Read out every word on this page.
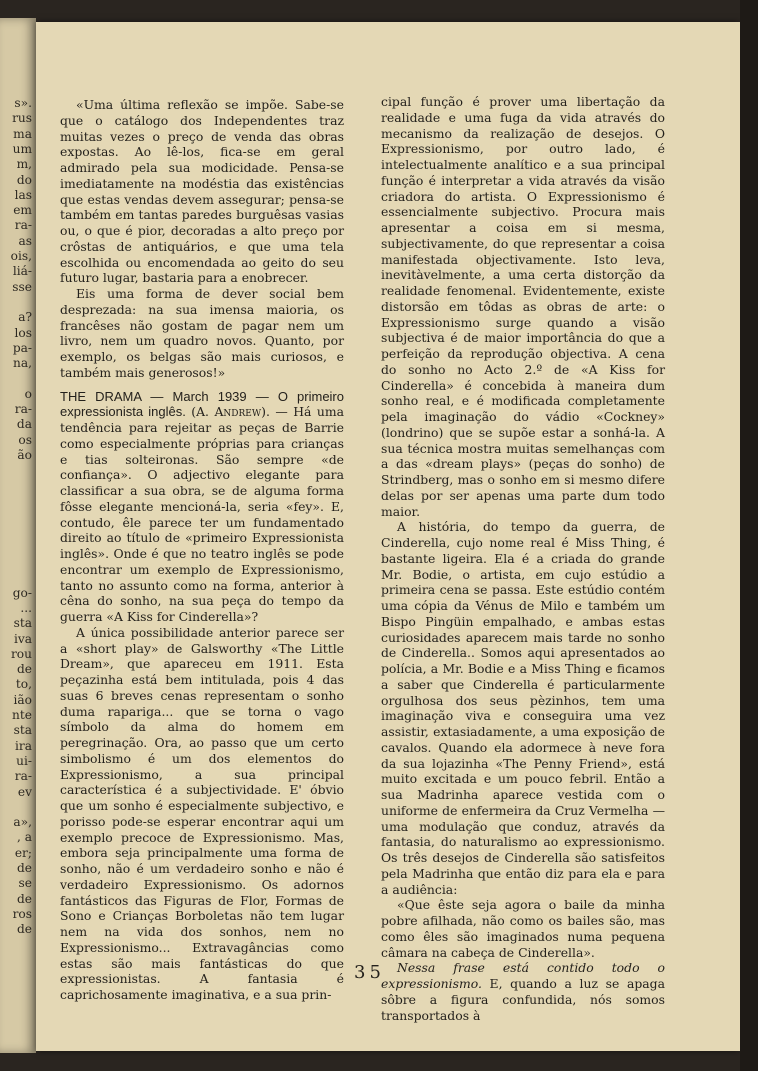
s».
rus
ma
um
m,
do
las
em
ra-
as
ois,
liá-
sse
a?
los
pa-
na,
o
ra-
da
os
ão
go-
...
sta
iva
rou
de
to,
ião
nte
sta
ira
ui-
ra-
ev
a»,
, a
er;
de
se
de
ros
de

«Uma última reflexão se impõe. Sabe-se que o catálogo dos Independentes traz muitas vezes o preço de venda das obras expostas. Ao lê-los, fica-se em geral admirado pela sua modicidade. Pensa-se imediatamente na modéstia das existências que estas vendas devem assegurar; pensa-se também em tantas paredes burguêsas vasias ou, o que é pior, decoradas a alto preço por crôstas de antiquários, e que uma tela escolhida ou encomendada ao geito do seu futuro lugar, bastaria para a enobrecer.

Eis uma forma de dever social bem desprezada: na sua imensa maioria, os francêses não gostam de pagar nem um livro, nem um quadro novos. Quanto, por exemplo, os belgas são mais curiosos, e também mais generosos!»

THE DRAMA — March 1939 — O primeiro expressionista inglês. (A. Andrew). — Há uma tendência para rejeitar as peças de Barrie como especialmente próprias para crianças e tias solteironas. São sempre «de confiança». O adjectivo elegante para classificar a sua obra, se de alguma forma fôsse elegante mencioná-la, seria «fey». E, contudo, êle parece ter um fundamentado direito ao título de «primeiro Expressionista inglês». Onde é que no teatro inglês se pode encontrar um exemplo de Expressionismo, tanto no assunto como na forma, anterior à cêna do sonho, na sua peça do tempo da guerra «A Kiss for Cinderella»?

A única possibilidade anterior parece ser a «short play» de Galsworthy «The Little Dream», que apareceu em 1911. Esta peçazinha está bem intitulada, pois 4 das suas 6 breves cenas representam o sonho duma rapariga... que se torna o vago símbolo da alma do homem em peregrinação. Ora, ao passo que um certo simbolismo é um dos elementos do Expressionismo, a sua principal característica é a subjectividade. E' óbvio que um sonho é especialmente subjectivo, e porisso pode-se esperar encontrar aqui um exemplo precoce de Expressionismo. Mas, embora seja principalmente uma forma de sonho, não é um verdadeiro sonho e não é verdadeiro Expressionismo. Os adornos fantásticos das Figuras de Flor, Formas de Sono e Crianças Borboletas não tem lugar nem na vida dos sonhos, nem no Expressionismo... Extravagâncias como estas são mais fantásticas do que expressionistas. A fantasia é caprichosamente imaginativa, e a sua prin-

cipal função é prover uma libertação da realidade e uma fuga da vida através do mecanismo da realização de desejos. O Expressionismo, por outro lado, é intelectualmente analítico e a sua principal função é interpretar a vida através da visão criadora do artista. O Expressionismo é essencialmente subjectivo. Procura mais apresentar a coisa em si mesma, subjectivamente, do que representar a coisa manifestada objectivamente. Isto leva, inevitàvelmente, a uma certa distorção da realidade fenomenal. Evidentemente, existe distorsão em tôdas as obras de arte: o Expressionismo surge quando a visão subjectiva é de maior importância do que a perfeição da reprodução objectiva. A cena do sonho no Acto 2.º de «A Kiss for Cinderella» é concebida à maneira dum sonho real, e é modificada completamente pela imaginação do vádio «Cockney» (londrino) que se supõe estar a sonhá-la. A sua técnica mostra muitas semelhanças com a das «dream plays» (peças do sonho) de Strindberg, mas o sonho em si mesmo difere delas por ser apenas uma parte dum todo maior.

A história, do tempo da guerra, de Cinderella, cujo nome real é Miss Thing, é bastante ligeira. Ela é a criada do grande Mr. Bodie, o artista, em cujo estúdio a primeira cena se passa. Este estúdio contém uma cópia da Vénus de Milo e também um Bispo Pingüin empalhado, e ambas estas curiosidades aparecem mais tarde no sonho de Cinderella.. Somos aqui apresentados ao polícia, a Mr. Bodie e a Miss Thing e ficamos a saber que Cinderella é particularmente orgulhosa dos seus pèzinhos, tem uma imaginação viva e conseguira uma vez assistir, extasiadamente, a uma exposição de cavalos. Quando ela adormece à neve fora da sua lojazinha «The Penny Friend», está muito excitada e um pouco febril. Então a sua Madrinha aparece vestida com o uniforme de enfermeira da Cruz Vermelha — uma modulação que conduz, através da fantasia, do naturalismo ao expressionismo. Os três desejos de Cinderella são satisfeitos pela Madrinha que então diz para ela e para a audiência:

«Que êste seja agora o baile da minha pobre afilhada, não como os bailes são, mas como êles são imaginados numa pequena câmara na cabeça de Cinderella».

Nessa frase está contido todo o expressionismo. E, quando a luz se apaga sôbre a figura confundida, nós somos transportados à

35
